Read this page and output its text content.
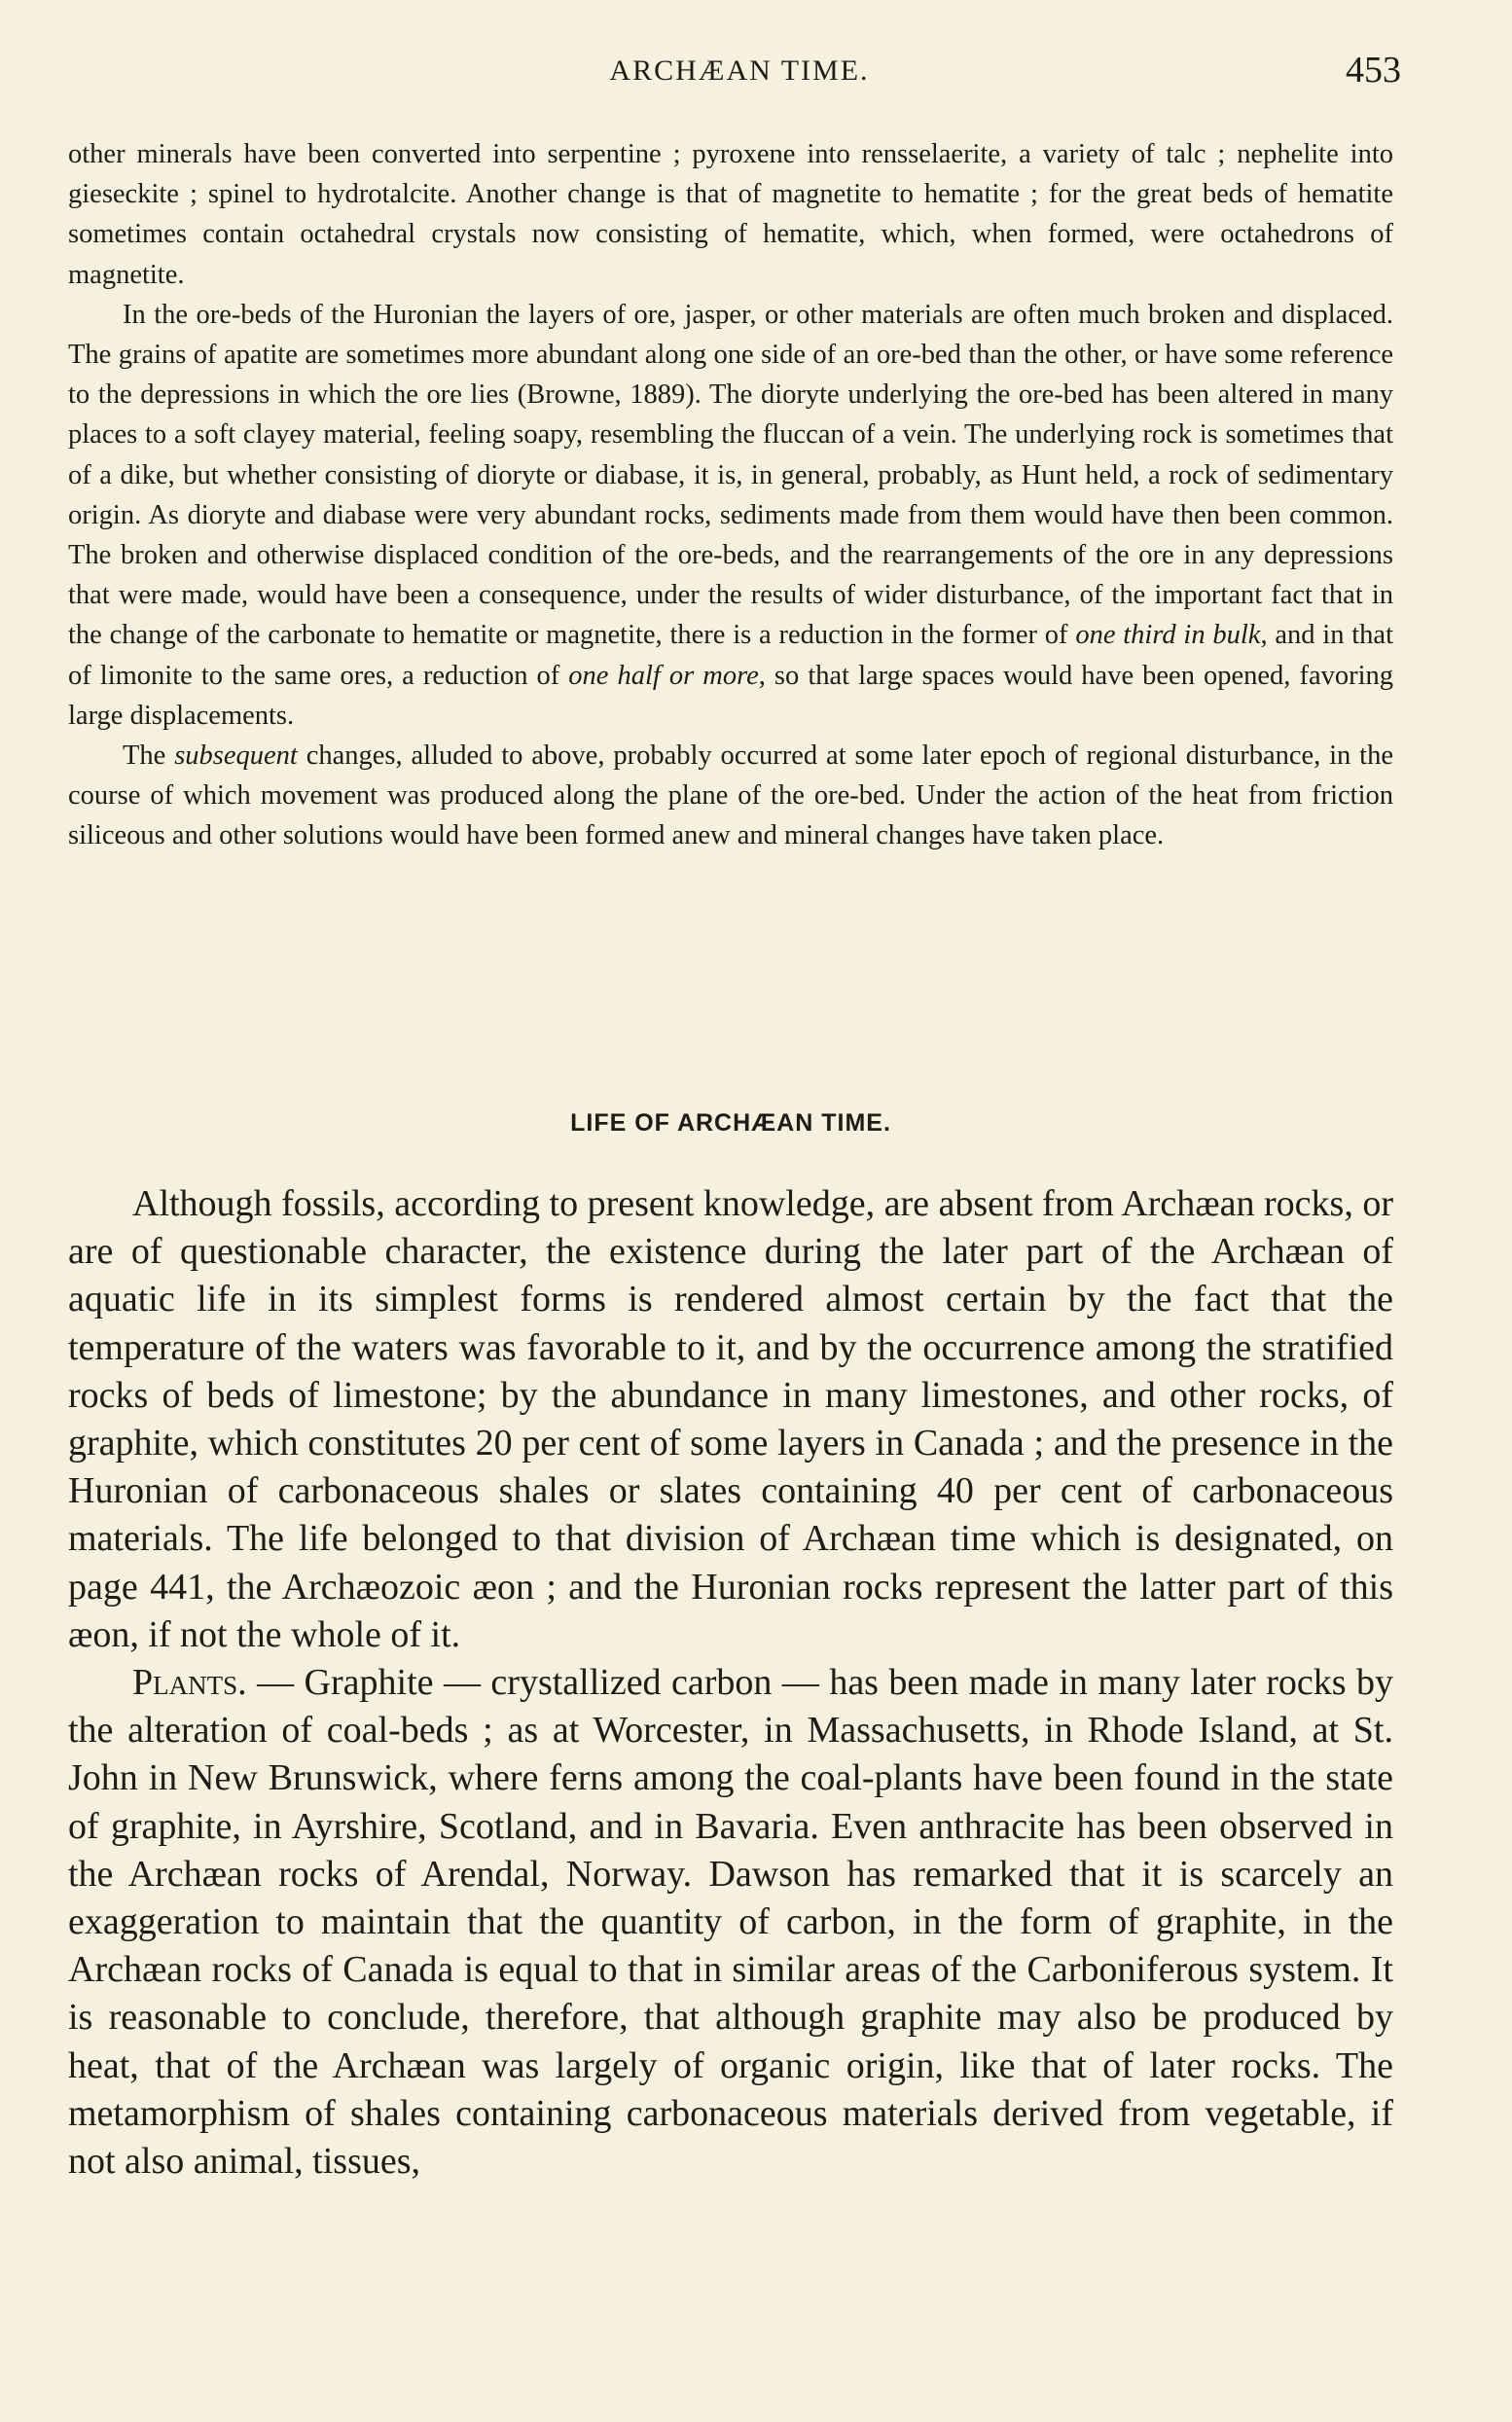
ARCHÆAN TIME.	453

other minerals have been converted into serpentine ; pyroxene into rensselaerite, a variety of talc ; nephelite into gieseckite ; spinel to hydrotalcite. Another change is that of magnetite to hematite ; for the great beds of hematite sometimes contain octahedral crystals now consisting of hematite, which, when formed, were octahedrons of magnetite.

In the ore-beds of the Huronian the layers of ore, jasper, or other materials are often much broken and displaced. The grains of apatite are sometimes more abundant along one side of an ore-bed than the other, or have some reference to the depressions in which the ore lies (Browne, 1889). The dioryte underlying the ore-bed has been altered in many places to a soft clayey material, feeling soapy, resembling the fluccan of a vein. The underlying rock is sometimes that of a dike, but whether consisting of dioryte or diabase, it is, in general, probably, as Hunt held, a rock of sedimentary origin. As dioryte and diabase were very abundant rocks, sediments made from them would have then been common. The broken and otherwise displaced condition of the ore-beds, and the rearrangements of the ore in any depressions that were made, would have been a consequence, under the results of wider disturbance, of the important fact that in the change of the carbonate to hematite or magnetite, there is a reduction in the former of one third in bulk, and in that of limonite to the same ores, a reduction of one half or more, so that large spaces would have been opened, favoring large displacements.

The subsequent changes, alluded to above, probably occurred at some later epoch of regional disturbance, in the course of which movement was produced along the plane of the ore-bed. Under the action of the heat from friction siliceous and other solutions would have been formed anew and mineral changes have taken place.

LIFE OF ARCHÆAN TIME.

Although fossils, according to present knowledge, are absent from Archæan rocks, or are of questionable character, the existence during the later part of the Archæan of aquatic life in its simplest forms is rendered almost certain by the fact that the temperature of the waters was favorable to it, and by the occurrence among the stratified rocks of beds of limestone; by the abundance in many limestones, and other rocks, of graphite, which constitutes 20 per cent of some layers in Canada ; and the presence in the Huronian of carbonaceous shales or slates containing 40 per cent of carbonaceous materials. The life belonged to that division of Archæan time which is designated, on page 441, the Archæozoic æon ; and the Huronian rocks represent the latter part of this æon, if not the whole of it.

Plants. — Graphite — crystallized carbon — has been made in many later rocks by the alteration of coal-beds ; as at Worcester, in Massachusetts, in Rhode Island, at St. John in New Brunswick, where ferns among the coal-plants have been found in the state of graphite, in Ayrshire, Scotland, and in Bavaria. Even anthracite has been observed in the Archæan rocks of Arendal, Norway. Dawson has remarked that it is scarcely an exaggeration to maintain that the quantity of carbon, in the form of graphite, in the Archæan rocks of Canada is equal to that in similar areas of the Carboniferous system. It is reasonable to conclude, therefore, that although graphite may also be produced by heat, that of the Archæan was largely of organic origin, like that of later rocks. The metamorphism of shales containing carbonaceous materials derived from vegetable, if not also animal, tissues,
